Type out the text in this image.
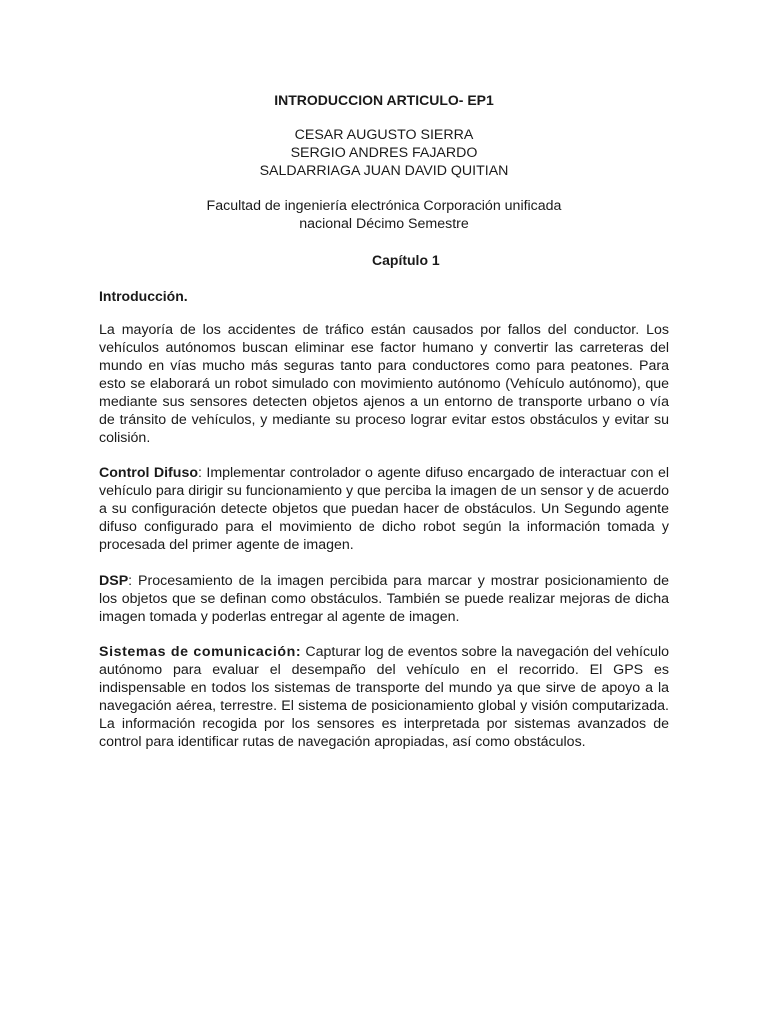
INTRODUCCION ARTICULO- EP1
CESAR AUGUSTO SIERRA
SERGIO ANDRES FAJARDO
SALDARRIAGA JUAN DAVID QUITIAN
Facultad de ingeniería electrónica Corporación unificada
nacional Décimo Semestre
Capítulo 1
Introducción.
La mayoría de los accidentes de tráfico están causados por fallos del conductor. Los vehículos autónomos buscan eliminar ese factor humano y convertir las carreteras del mundo en vías mucho más seguras tanto para conductores como para peatones. Para esto se elaborará un robot simulado con movimiento autónomo (Vehículo autónomo), que mediante sus sensores detecten objetos ajenos a un entorno de transporte urbano o vía de tránsito de vehículos, y mediante su proceso lograr evitar estos obstáculos y evitar su colisión.
Control Difuso: Implementar controlador o agente difuso encargado de interactuar con el vehículo para dirigir su funcionamiento y que perciba la imagen de un sensor y de acuerdo a su configuración detecte objetos que puedan hacer de obstáculos. Un Segundo agente difuso configurado para el movimiento de dicho robot según la información tomada y procesada del primer agente de imagen.
DSP: Procesamiento de la imagen percibida para marcar y mostrar posicionamiento de los objetos que se definan como obstáculos. También se puede realizar mejoras de dicha imagen tomada y poderlas entregar al agente de imagen.
Sistemas de comunicación: Capturar log de eventos sobre la navegación del vehículo autónomo para evaluar el desempaño del vehículo en el recorrido. El GPS es indispensable en todos los sistemas de transporte del mundo ya que sirve de apoyo a la navegación aérea, terrestre. El sistema de posicionamiento global y visión computarizada. La información recogida por los sensores es interpretada por sistemas avanzados de control para identificar rutas de navegación apropiadas, así como obstáculos.
